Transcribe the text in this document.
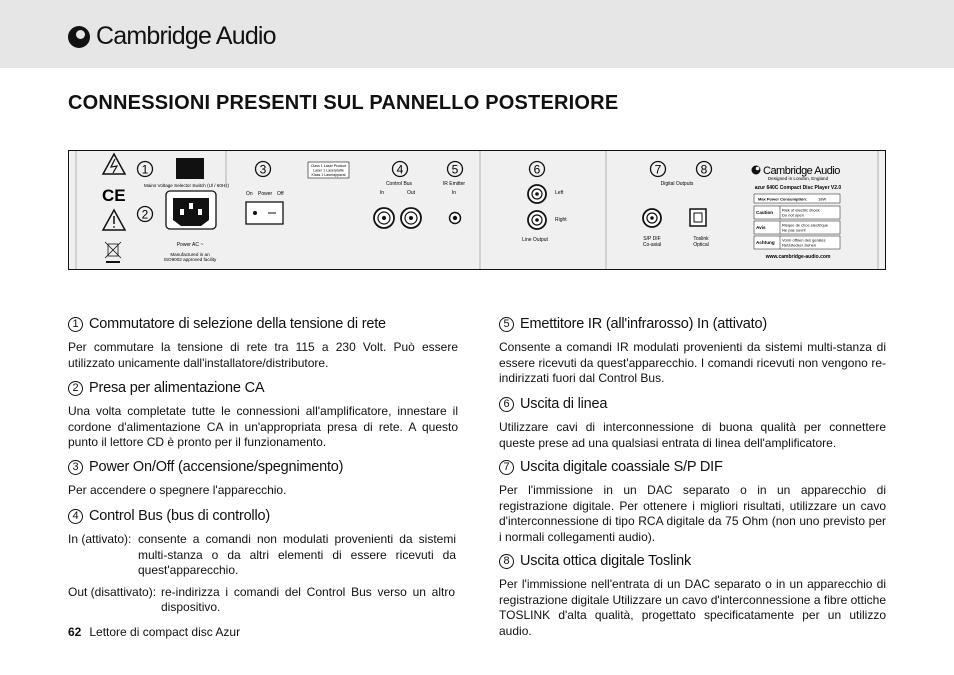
Cambridge Audio
CONNESSIONI PRESENTI SUL PANNELLO POSTERIORE
CE
1
2
3	4	5	6	7	8
Mains Voltage Selector Switch (Ul / 60Hz)
Power AC ~
Manufactured in an
ISO9002 approved facility
On Power Off
Class 1 Laser Product
Laser 1 Laserplatte
Klass 1 Laserapparat
Control Bus
In	Out
IR Emitter
In	Left
Right
Line Output
Digital Outputs
S/P DIF
Co-axial
Toslink
Optical
Cambridge Audio
Designed in London, England
azur 640C Compact Disc Player V2.0
Max Power Consumption:	18W
Caution Risk of electric shock
Do not open
Avis	Risque de choc electrique
Ne pas ouvrir
Achtung Vorm offnen des gerates
Netzstecker ziehen
www.cambridge-audio.com
1 Commutatore di selezione della tensione di rete

Per commutare la tensione di rete tra 115 a 230 Volt. Può essere utilizzato unicamente dall'installatore/distributore.

2 Presa per alimentazione CA

Una volta completate tutte le connessioni all'amplificatore, innestare il cordone d'alimentazione CA in un'appropriata presa di rete. A questo punto il lettore CD è pronto per il funzionamento.

3 Power On/Off (accensione/spegnimento)

Per accendere o spegnere l'apparecchio.

4 Control Bus (bus di controllo)
In (attivato): consente a comandi non modulati provenienti da sistemi multi-stanza o da altri elementi di essere ricevuti da quest'apparecchio.
Out (disattivato): re-indirizza i comandi del Control Bus verso un altro dispositivo.
5 Emettitore IR (all'infrarosso) In (attivato)

Consente a comandi IR modulati provenienti da sistemi multi-stanza di essere ricevuti da quest'apparecchio. I comandi ricevuti non vengono re-indirizzati fuori dal Control Bus.

6 Uscita di linea

Utilizzare cavi di interconnessione di buona qualità per connettere queste prese ad una qualsiasi entrata di linea dell'amplificatore.

7 Uscita digitale coassiale S/P DIF

Per l'immissione in un DAC separato o in un apparecchio di registrazione digitale. Per ottenere i migliori risultati, utilizzare un cavo d'interconnessione di tipo RCA digitale da 75 Ohm (non uno previsto per i normali collegamenti audio).

8 Uscita ottica digitale Toslink

Per l'immissione nell'entrata di un DAC separato o in un apparecchio di registrazione digitale Utilizzare un cavo d'interconnessione a fibre ottiche TOSLINK d'alta qualità, progettato specificatamente per un utilizzo audio.

62 Lettore di compact disc Azur
